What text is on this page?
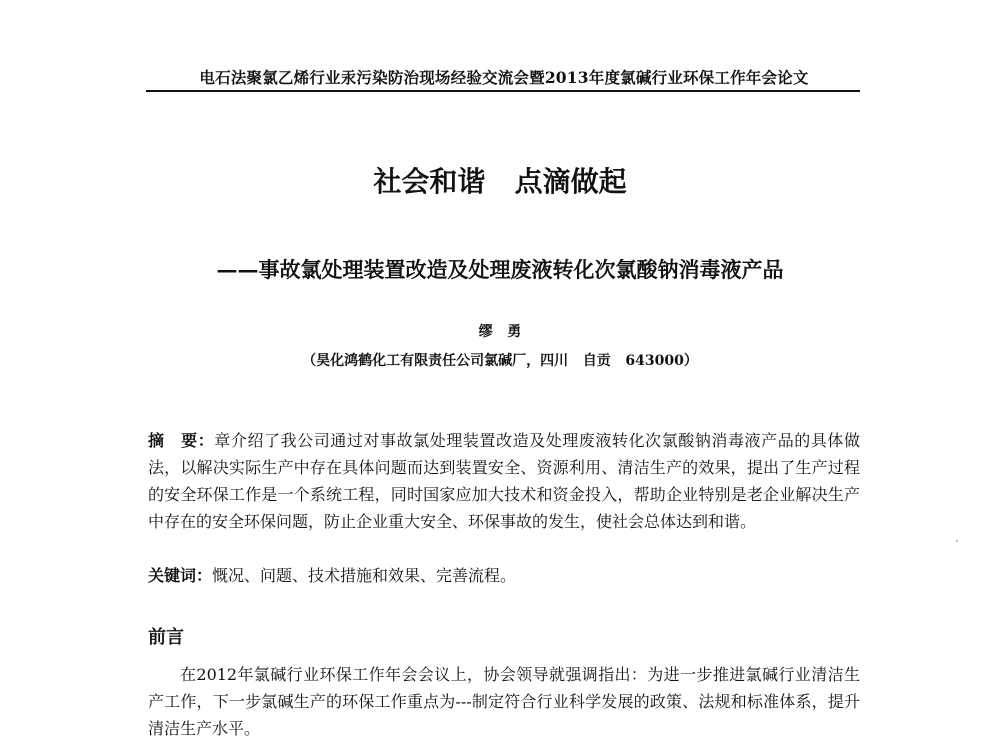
电石法聚氯乙烯行业汞污染防治现场经验交流会暨2013年度氯碱行业环保工作年会论文
社会和谐   点滴做起
——事故氯处理装置改造及处理废液转化次氯酸钠消毒液产品
缪   勇
（昊化鸿鹤化工有限责任公司氯碱厂，四川   自贡   643000）
摘　要：章介绍了我公司通过对事故氯处理装置改造及处理废液转化次氯酸钠消毒液产品的具体做法，以解决实际生产中存在具体问题而达到装置安全、资源利用、清洁生产的效果，提出了生产过程的安全环保工作是一个系统工程，同时国家应加大技术和资金投入，帮助企业特别是老企业解决生产中存在的安全环保问题，防止企业重大安全、环保事故的发生，使社会总体达到和谐。
关键词：慨况、问题、技术措施和效果、完善流程。
前言
在2012年氯碱行业环保工作年会会议上，协会领导就强调指出：为进一步推进氯碱行业清洁生产工作，下一步氯碱生产的环保工作重点为---制定符合行业科学发展的政策、法规和标准体系，提升清洁生产水平。
